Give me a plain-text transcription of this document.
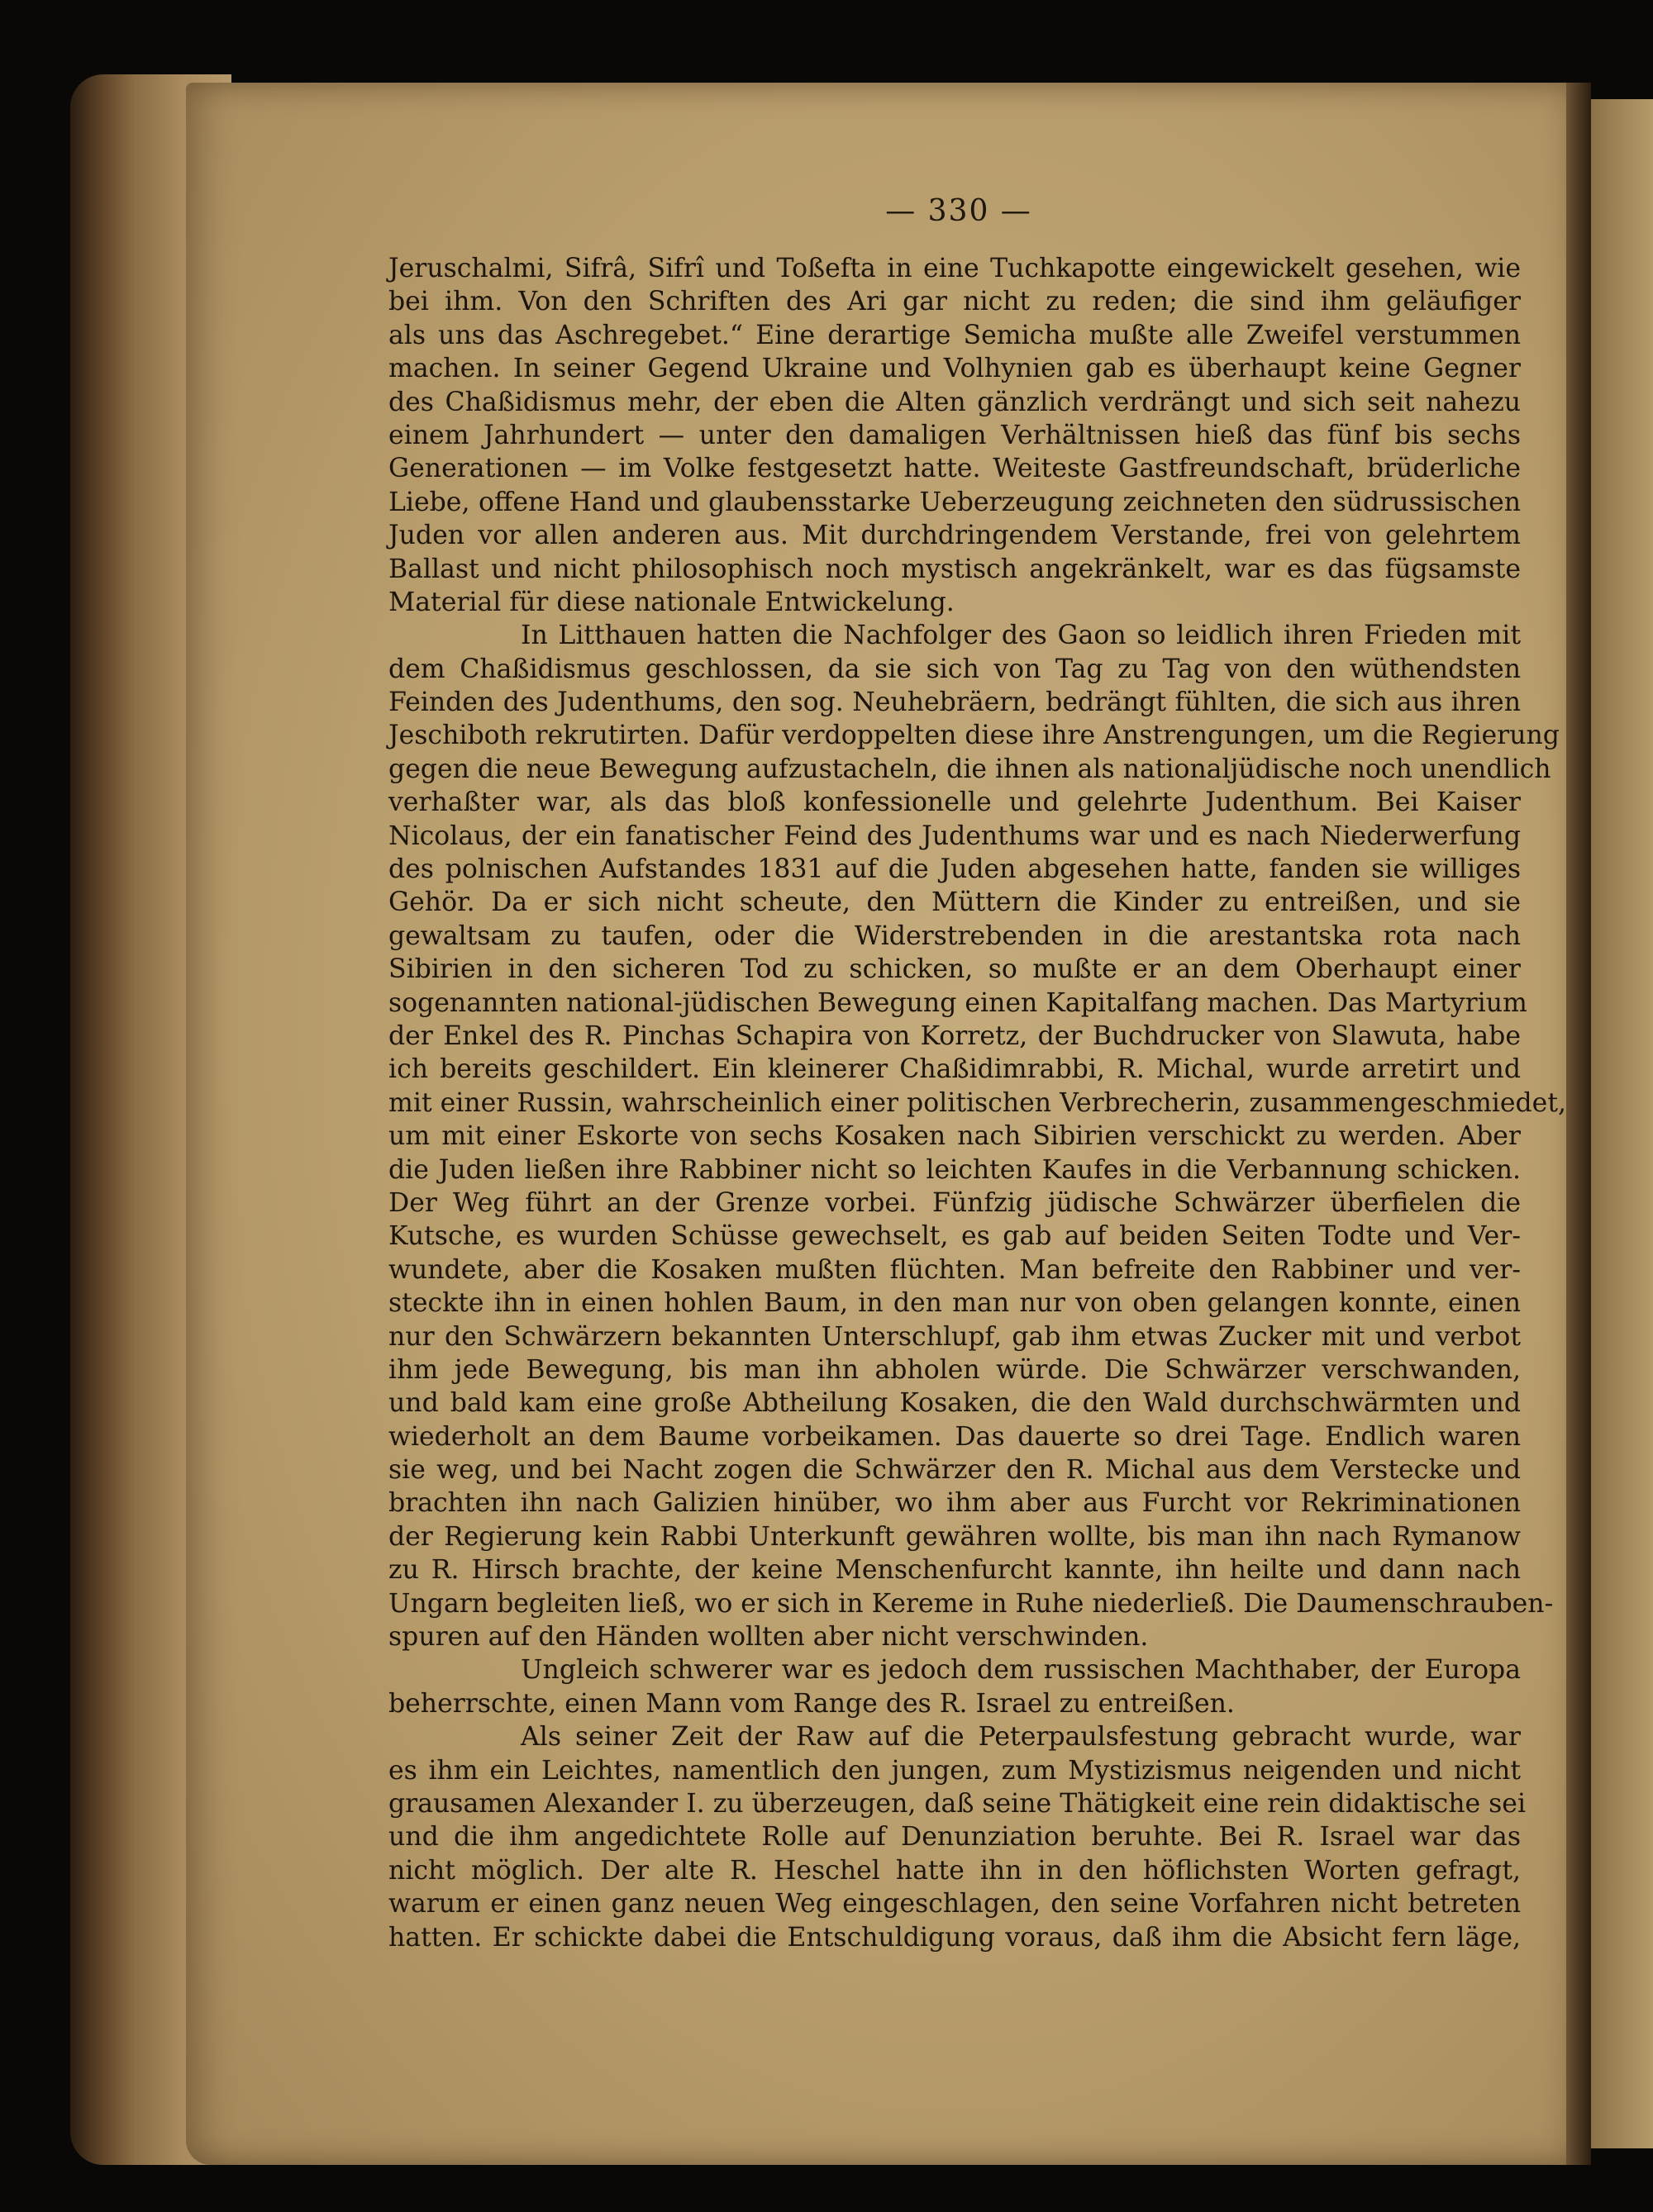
— 330 —
Jeruschalmi, Sifrâ, Sifrî und Toßefta in eine Tuchkapotte eingewickelt gesehen, wie
bei ihm. Von den Schriften des Ari gar nicht zu reden; die sind ihm geläufiger
als uns das Aschregebet.“ Eine derartige Semicha mußte alle Zweifel verstummen
machen. In seiner Gegend Ukraine und Volhynien gab es überhaupt keine Gegner
des Chaßidismus mehr, der eben die Alten gänzlich verdrängt und sich seit nahezu
einem Jahrhundert — unter den damaligen Verhältnissen hieß das fünf bis sechs
Generationen — im Volke festgesetzt hatte. Weiteste Gastfreundschaft, brüderliche
Liebe, offene Hand und glaubensstarke Ueberzeugung zeichneten den südrussischen
Juden vor allen anderen aus. Mit durchdringendem Verstande, frei von gelehrtem
Ballast und nicht philosophisch noch mystisch angekränkelt, war es das fügsamste
Material für diese nationale Entwickelung.
In Litthauen hatten die Nachfolger des Gaon so leidlich ihren Frieden mit
dem Chaßidismus geschlossen, da sie sich von Tag zu Tag von den wüthendsten
Feinden des Judenthums, den sog. Neuhebräern, bedrängt fühlten, die sich aus ihren
Jeschiboth rekrutirten. Dafür verdoppelten diese ihre Anstrengungen, um die Regierung
gegen die neue Bewegung aufzustacheln, die ihnen als nationaljüdische noch unendlich
verhaßter war, als das bloß konfessionelle und gelehrte Judenthum. Bei Kaiser
Nicolaus, der ein fanatischer Feind des Judenthums war und es nach Niederwerfung
des polnischen Aufstandes 1831 auf die Juden abgesehen hatte, fanden sie williges
Gehör. Da er sich nicht scheute, den Müttern die Kinder zu entreißen, und sie
gewaltsam zu taufen, oder die Widerstrebenden in die arestantska rota nach
Sibirien in den sicheren Tod zu schicken, so mußte er an dem Oberhaupt einer
sogenannten national-jüdischen Bewegung einen Kapitalfang machen. Das Martyrium
der Enkel des R. Pinchas Schapira von Korretz, der Buchdrucker von Slawuta, habe
ich bereits geschildert. Ein kleinerer Chaßidimrabbi, R. Michal, wurde arretirt und
mit einer Russin, wahrscheinlich einer politischen Verbrecherin, zusammengeschmiedet,
um mit einer Eskorte von sechs Kosaken nach Sibirien verschickt zu werden. Aber
die Juden ließen ihre Rabbiner nicht so leichten Kaufes in die Verbannung schicken.
Der Weg führt an der Grenze vorbei. Fünfzig jüdische Schwärzer überfielen die
Kutsche, es wurden Schüsse gewechselt, es gab auf beiden Seiten Todte und Ver-
wundete, aber die Kosaken mußten flüchten. Man befreite den Rabbiner und ver-
steckte ihn in einen hohlen Baum, in den man nur von oben gelangen konnte, einen
nur den Schwärzern bekannten Unterschlupf, gab ihm etwas Zucker mit und verbot
ihm jede Bewegung, bis man ihn abholen würde. Die Schwärzer verschwanden,
und bald kam eine große Abtheilung Kosaken, die den Wald durchschwärmten und
wiederholt an dem Baume vorbeikamen. Das dauerte so drei Tage. Endlich waren
sie weg, und bei Nacht zogen die Schwärzer den R. Michal aus dem Verstecke und
brachten ihn nach Galizien hinüber, wo ihm aber aus Furcht vor Rekriminationen
der Regierung kein Rabbi Unterkunft gewähren wollte, bis man ihn nach Rymanow
zu R. Hirsch brachte, der keine Menschenfurcht kannte, ihn heilte und dann nach
Ungarn begleiten ließ, wo er sich in Kereme in Ruhe niederließ. Die Daumenschrauben-
spuren auf den Händen wollten aber nicht verschwinden.
Ungleich schwerer war es jedoch dem russischen Machthaber, der Europa
beherrschte, einen Mann vom Range des R. Israel zu entreißen.
Als seiner Zeit der Raw auf die Peterpaulsfestung gebracht wurde, war
es ihm ein Leichtes, namentlich den jungen, zum Mystizismus neigenden und nicht
grausamen Alexander I. zu überzeugen, daß seine Thätigkeit eine rein didaktische sei
und die ihm angedichtete Rolle auf Denunziation beruhte. Bei R. Israel war das
nicht möglich. Der alte R. Heschel hatte ihn in den höflichsten Worten gefragt,
warum er einen ganz neuen Weg eingeschlagen, den seine Vorfahren nicht betreten
hatten. Er schickte dabei die Entschuldigung voraus, daß ihm die Absicht fern läge,
